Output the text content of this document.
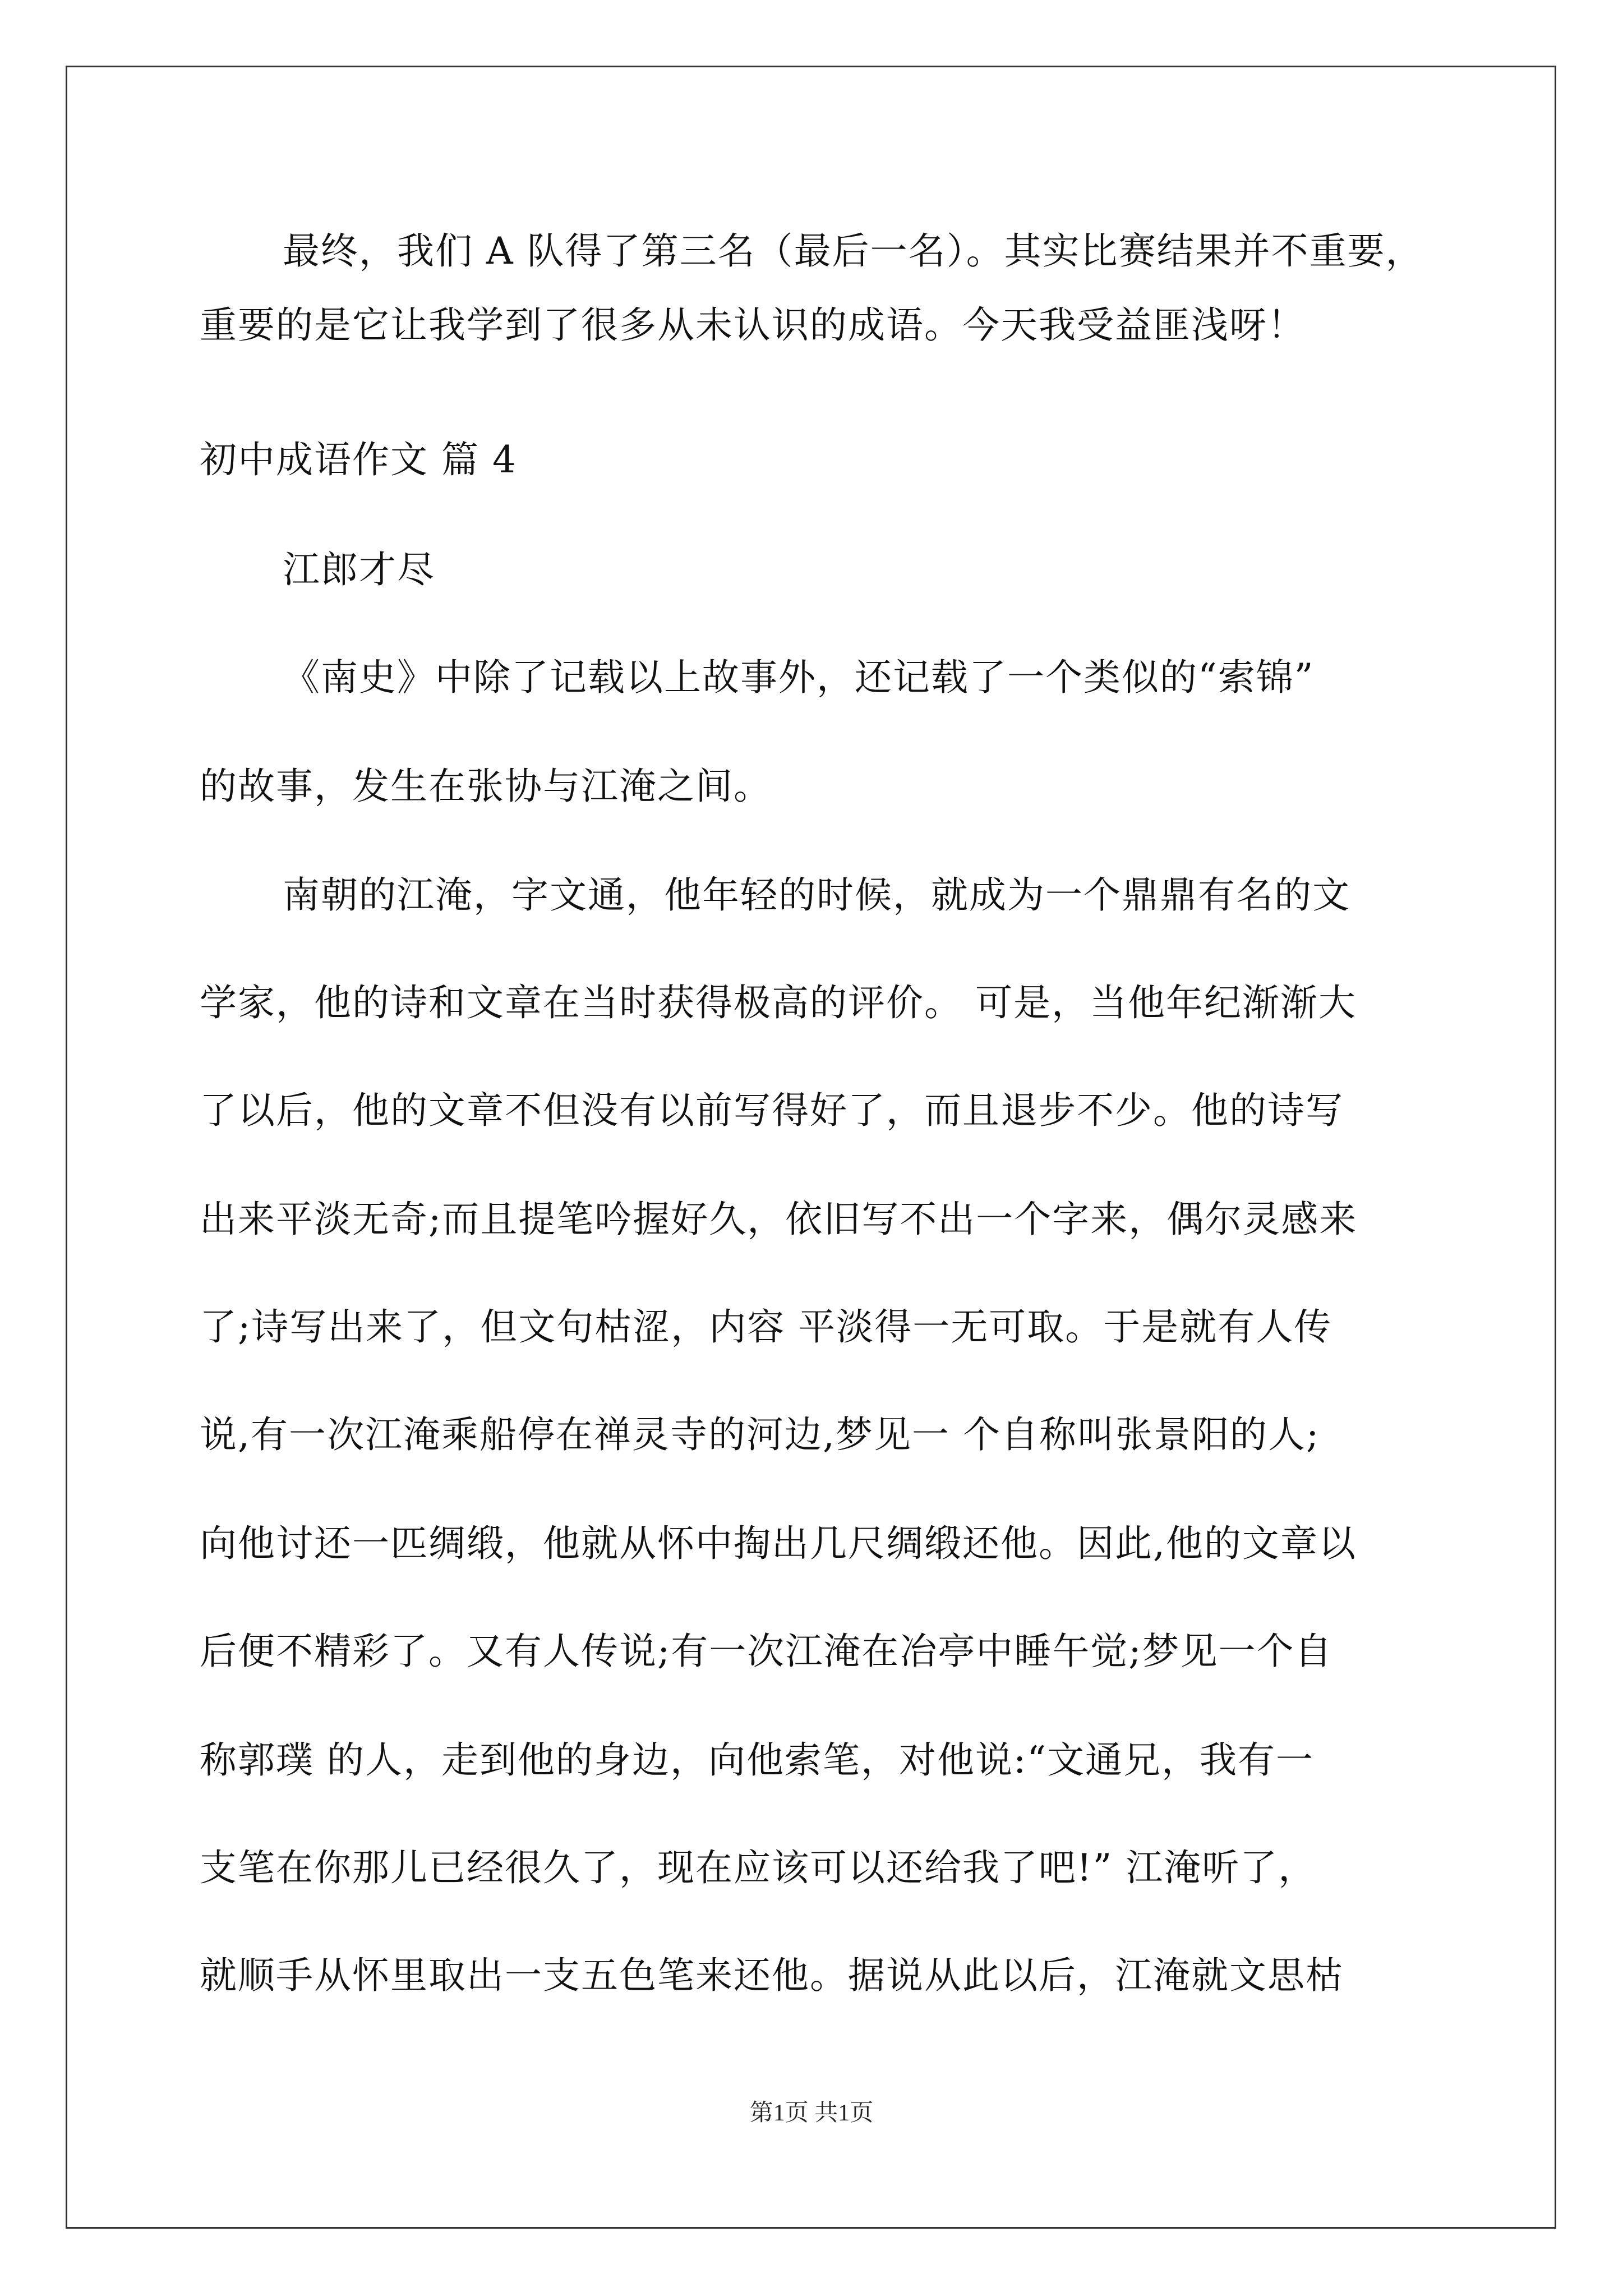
最终，我们 A 队得了第三名（最后一名）。其实比赛结果并不重要，
重要的是它让我学到了很多从未认识的成语。今天我受益匪浅呀！
初中成语作文 篇 4
江郎才尽
《南史》中除了记载以上故事外，还记载了一个类似的“索锦”
的故事，发生在张协与江淹之间。
南朝的江淹，字文通，他年轻的时候，就成为一个鼎鼎有名的文
学家，他的诗和文章在当时获得极高的评价。 可是，当他年纪渐渐大
了以后，他的文章不但没有以前写得好了，而且退步不少。他的诗写
出来平淡无奇;而且提笔吟握好久，依旧写不出一个字来，偶尔灵感来
了;诗写出来了，但文句枯涩，内容 平淡得一无可取。于是就有人传
说,有一次江淹乘船停在禅灵寺的河边,梦见一 个自称叫张景阳的人;
向他讨还一匹绸缎，他就从怀中掏出几尺绸缎还他。因此,他的文章以
后便不精彩了。又有人传说;有一次江淹在冶亭中睡午觉;梦见一个自
称郭璞 的人，走到他的身边，向他索笔，对他说:“文通兄，我有一
支笔在你那儿已经很久了，现在应该可以还给我了吧!” 江淹听了，
就顺手从怀里取出一支五色笔来还他。据说从此以后，江淹就文思枯
第1页 共1页
